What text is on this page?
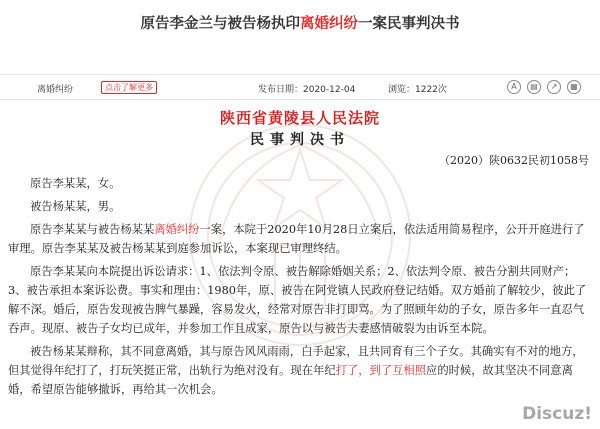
原告李金兰与被告杨执印离婚纠纷一案民事判决书
离婚纠纷	点击了解更多	发布日期：2020-12-04	浏览：1222次	A	▤	↗	▦
陕西省黄陵县人民法院
民事判决书
（2020）陕0632民初1058号

原告李某某，女。

被告杨某某，男。

原告李某某与被告杨某某离婚纠纷一案，本院于2020年10月28日立案后，依法适用简易程序，公开开庭进行了审理。原告李某某及被告杨某某到庭参加诉讼，本案现已审理终结。

原告李某某向本院提出诉讼请求：1、依法判令原、被告解除婚姻关系；2、依法判令原、被告分割共同财产；3、被告承担本案诉讼费。事实和理由：1980年，原、被告在阿党镇人民政府登记结婚。双方婚前了解较少，彼此了解不深。婚后，原告发现被告脾气暴躁，容易发火，经常对原告非打即骂。为了照顾年幼的子女，原告多年一直忍气吞声。现原、被告子女均已成年，并参加工作且成家，原告以与被告夫妻感情破裂为由诉至本院。

被告杨某某辩称，其不同意离婚，其与原告风风雨雨，白手起家，且共同育有三个子女。其确实有不对的地方，但其觉得年纪打了，打玩笑挺正常，出轨行为绝对没有。现在年纪打了，到了互相照应的时候，故其坚决不同意离婚，希望原告能够撤诉，再给其一次机会。

Discuz!
